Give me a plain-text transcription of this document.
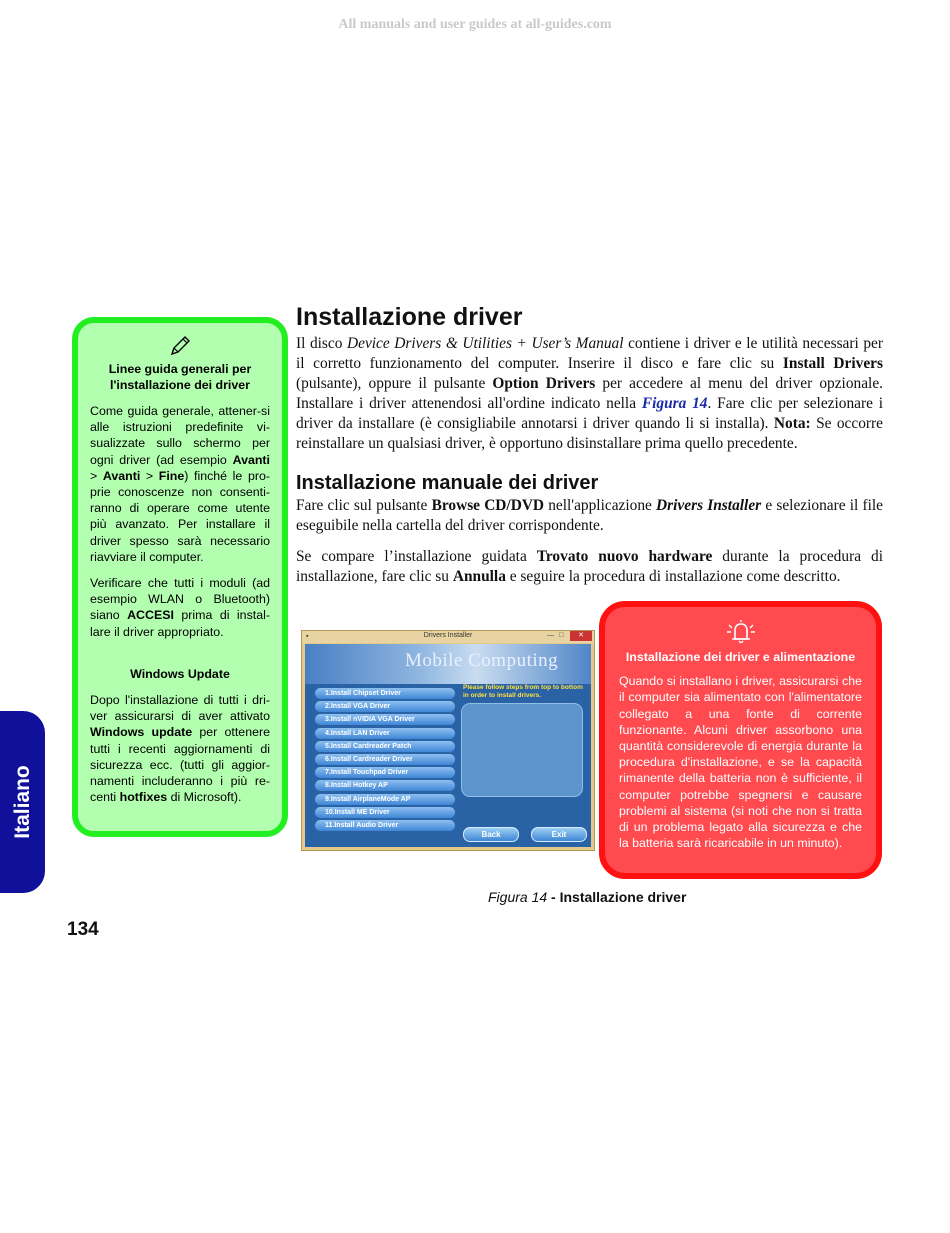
All manuals and user guides at all-guides.com
Linee guida generali per l'installazione dei driver

Come guida generale, attener-si alle istruzioni predefinite vi-sualizzate sullo schermo per ogni driver (ad esempio Avanti > Avanti > Fine) finché le pro-prie conoscenze non consenti-ranno di operare come utente più avanzato. Per installare il driver spesso sarà necessario riavviare il computer.

Verificare che tutti i moduli (ad esempio WLAN o Bluetooth) siano ACCESI prima di instal-lare il driver appropriato.

Windows Update

Dopo l'installazione di tutti i dri-ver assicurarsi di aver attivato Windows update per ottenere tutti i recenti aggiornamenti di sicurezza ecc. (tutti gli aggior-namenti includeranno i più re-centi hotfixes di Microsoft).

Italiano
134
Installazione driver

Il disco Device Drivers & Utilities + User’s Manual contiene i driver e le utilità necessari per il corretto funzionamento del computer. Inserire il disco e fare clic su Install Drivers (pulsante), oppure il pulsante Option Drivers per accedere al menu del driver opzionale. Installare i driver attenendosi all'ordine indicato nella Figura 14. Fare clic per selezionare i driver da installare (è consigliabile annotarsi i driver quando li si installa). Nota: Se occorre reinstallare un qualsiasi driver, è opportuno disinstallare prima quello precedente.

Installazione manuale dei driver

Fare clic sul pulsante Browse CD/DVD nell'applicazione Drivers Installer e selezionare il file eseguibile nella cartella del driver corrispondente.

Se compare l’installazione guidata Trovato nuovo hardware durante la procedura di installazione, fare clic su Annulla e seguire la procedura di installazione come descritto.

▪	Drivers Installer	— □	✕
Mobile Computing
1.Install Chipset Driver
2.Install VGA Driver
3.Install nVIDIA VGA Driver
4.Install LAN Driver
5.Install Cardreader Patch
6.Install Cardreader Driver
7.Install Touchpad Driver
8.Install Hotkey AP
9.Install AirplaneMode AP
10.Install ME Driver
11.Install Audio Driver
Please follow steps from top to bottom in order to install drivers.
Back	Exit
Figura 14 - Installazione driver
Installazione dei driver e alimentazione

Quando si installano i driver, assicurarsi che il computer sia alimentato con l'alimentatore collegato a una fonte di corrente funzionante. Alcuni driver assorbono una quantità considerevole di energia durante la procedura d'installazione, e se la capacità rimanente della batteria non è sufficiente, il computer potrebbe spegnersi e causare problemi al sistema (si noti che non si tratta di un problema legato alla sicurezza e che la batteria sarà ricaricabile in un minuto).
